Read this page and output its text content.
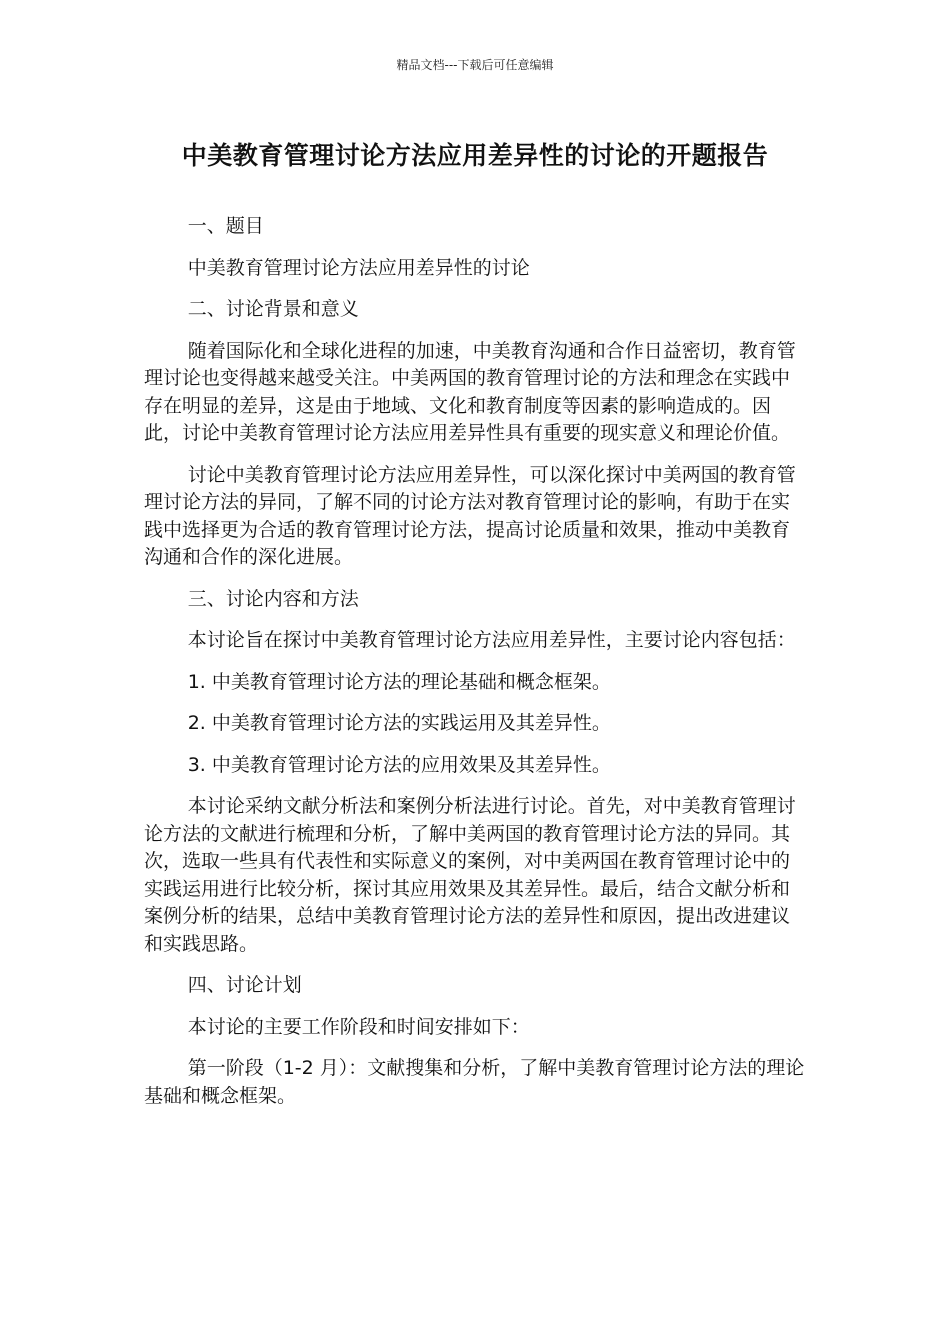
精品文档---下载后可任意编辑
中美教育管理讨论方法应用差异性的讨论的开题报告

一、题目

中美教育管理讨论方法应用差异性的讨论

二、讨论背景和意义

随着国际化和全球化进程的加速，中美教育沟通和合作日益密切，教育管理讨论也变得越来越受关注。中美两国的教育管理讨论的方法和理念在实践中存在明显的差异，这是由于地域、文化和教育制度等因素的影响造成的。因此，讨论中美教育管理讨论方法应用差异性具有重要的现实意义和理论价值。

讨论中美教育管理讨论方法应用差异性，可以深化探讨中美两国的教育管理讨论方法的异同，了解不同的讨论方法对教育管理讨论的影响，有助于在实践中选择更为合适的教育管理讨论方法，提高讨论质量和效果，推动中美教育沟通和合作的深化进展。

三、讨论内容和方法

本讨论旨在探讨中美教育管理讨论方法应用差异性，主要讨论内容包括：

1. 中美教育管理讨论方法的理论基础和概念框架。

2. 中美教育管理讨论方法的实践运用及其差异性。

3. 中美教育管理讨论方法的应用效果及其差异性。

本讨论采纳文献分析法和案例分析法进行讨论。首先，对中美教育管理讨论方法的文献进行梳理和分析，了解中美两国的教育管理讨论方法的异同。其次，选取一些具有代表性和实际意义的案例，对中美两国在教育管理讨论中的实践运用进行比较分析，探讨其应用效果及其差异性。最后，结合文献分析和案例分析的结果，总结中美教育管理讨论方法的差异性和原因，提出改进建议和实践思路。

四、讨论计划

本讨论的主要工作阶段和时间安排如下：

第一阶段（1-2 月）：文献搜集和分析，了解中美教育管理讨论方法的理论基础和概念框架。
